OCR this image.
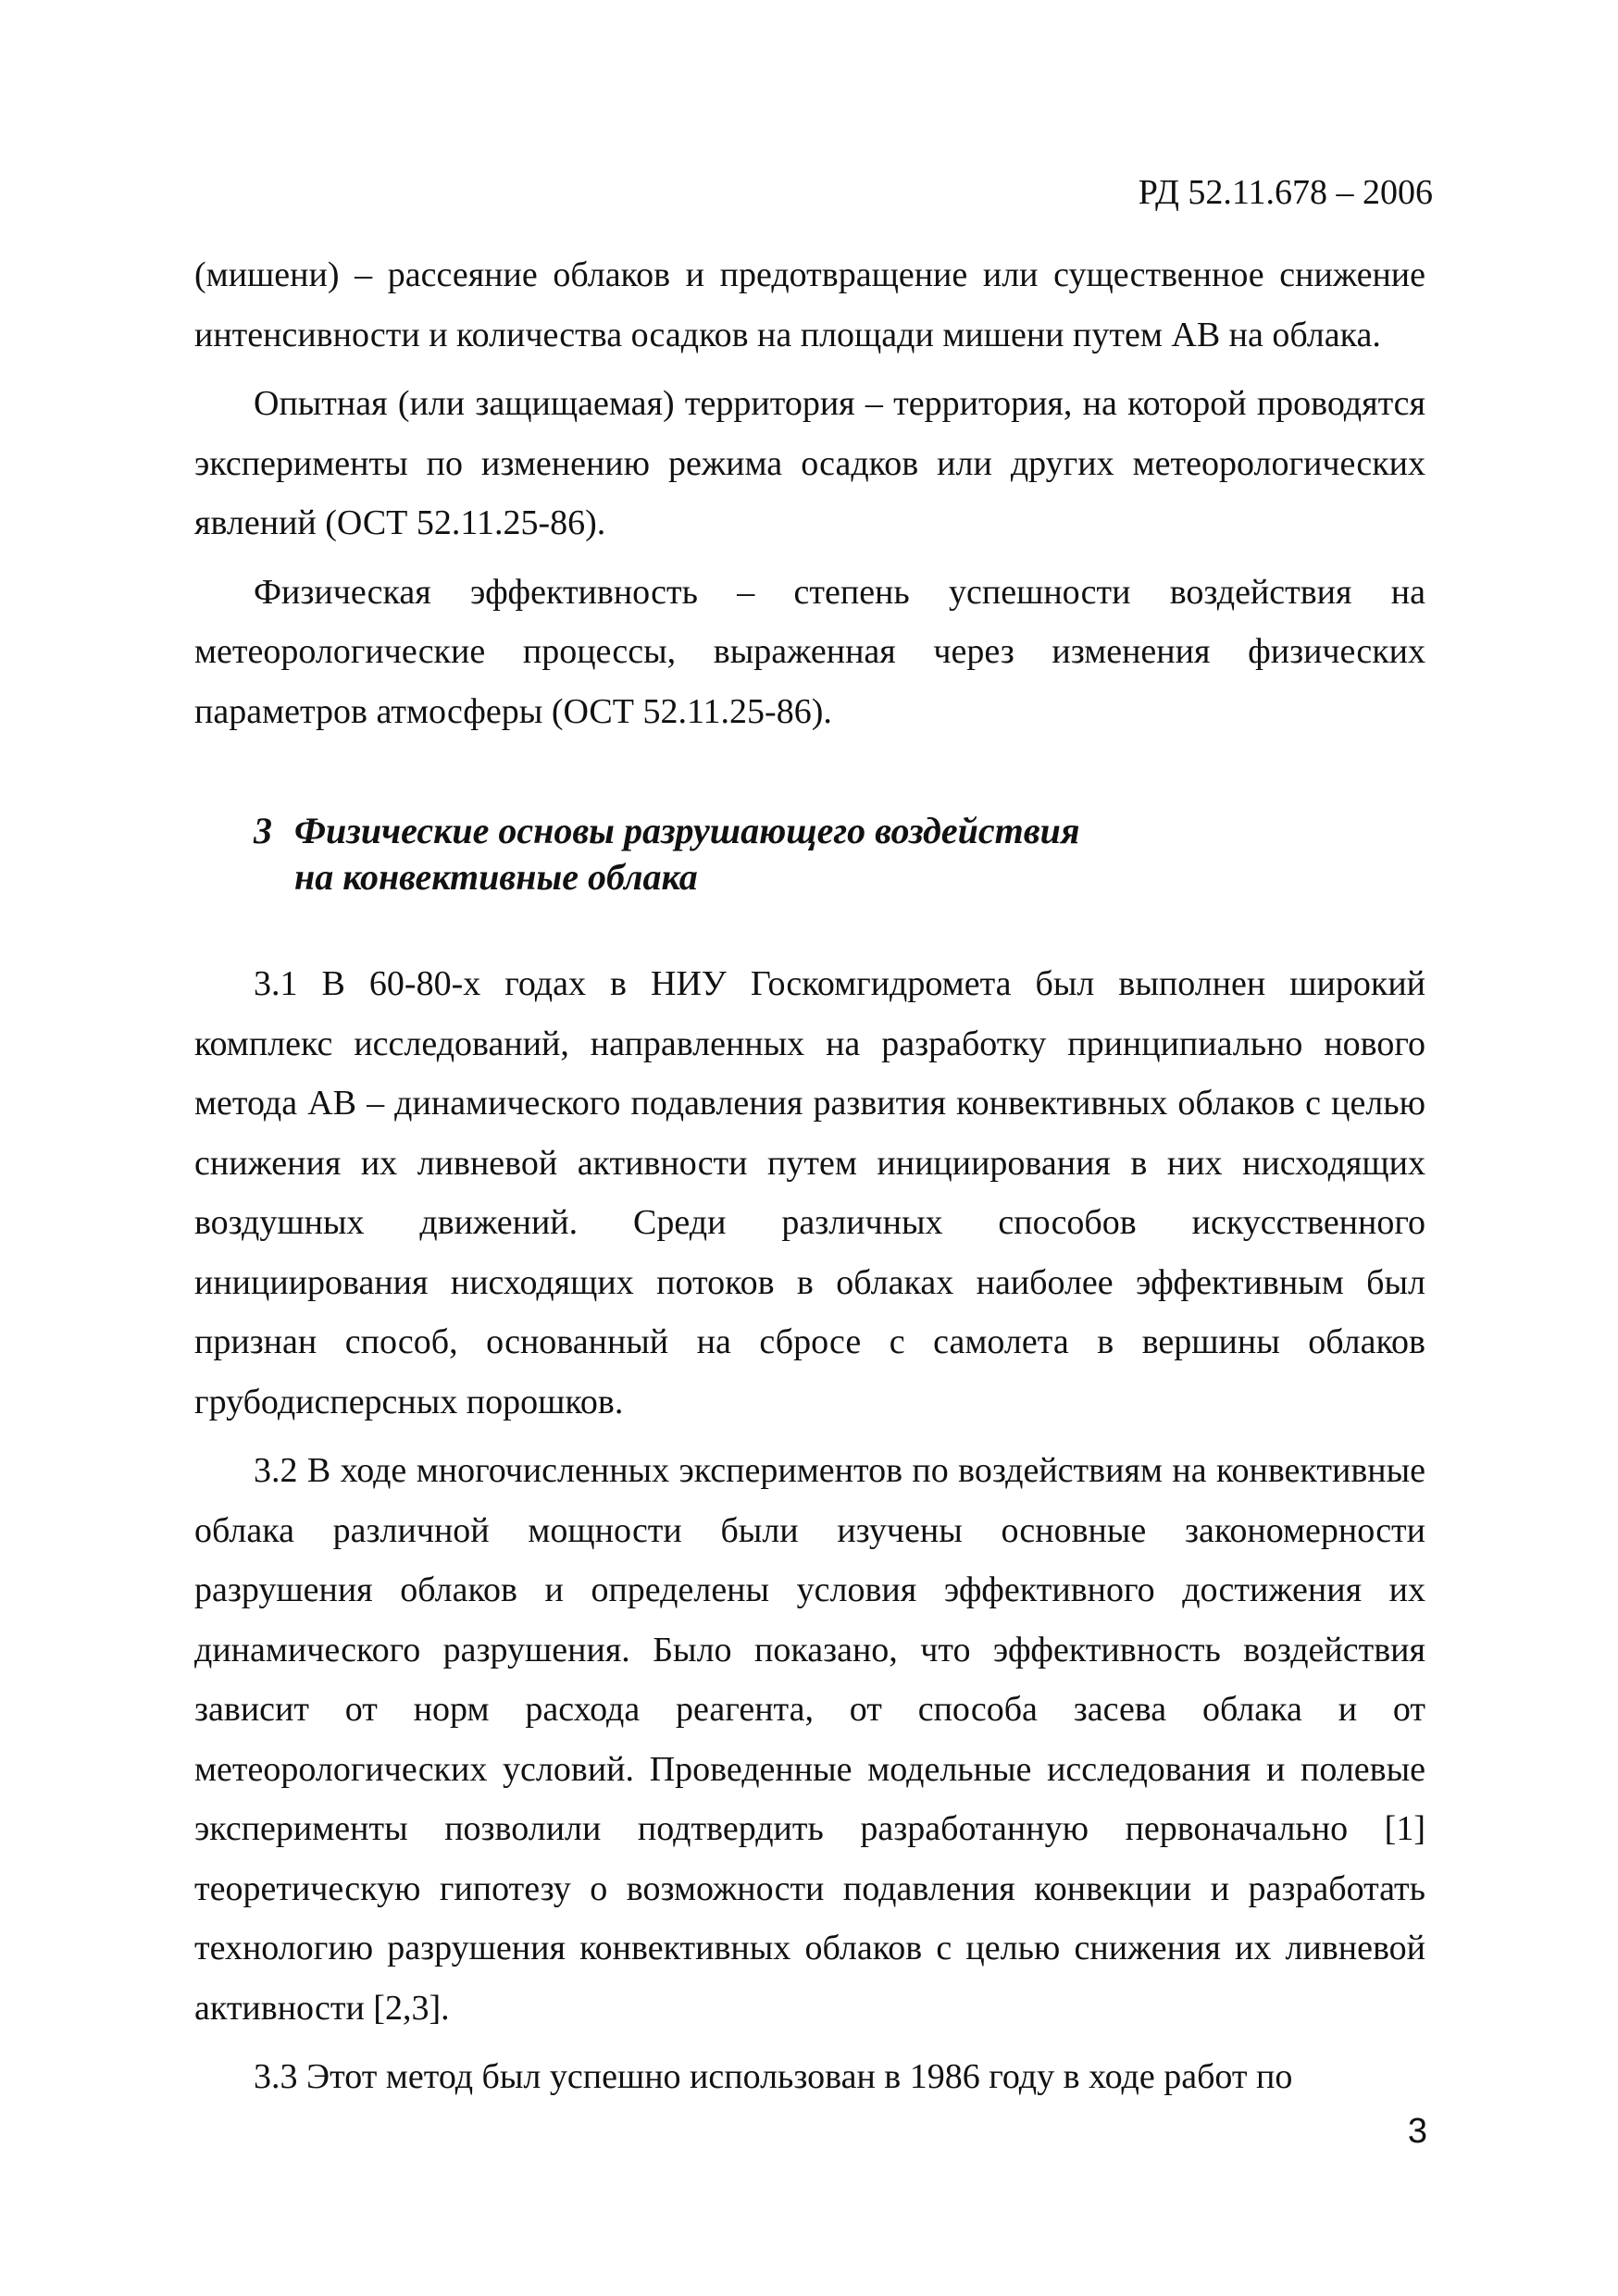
РД 52.11.678 – 2006

(мишени) – рассеяние облаков и предотвращение или существенное снижение интенсивности и количества осадков на площади мишени путем АВ на облака.

Опытная (или защищаемая) территория – территория, на которой проводятся эксперименты по изменению режима осадков или других метеорологических явлений (ОСТ 52.11.25-86).

Физическая эффективность – степень успешности воздействия на метеорологические процессы, выраженная через изменения физических параметров атмосферы (ОСТ 52.11.25-86).

3 Физические основы разрушающего воздействия
на конвективные облака

3.1 В 60-80-х годах в НИУ Госкомгидромета был выполнен широкий комплекс исследований, направленных на разработку принципиально нового метода АВ – динамического подавления развития конвективных облаков с целью снижения их ливневой активности путем инициирования в них нисходящих воздушных движений. Среди различных способов искусственного инициирования нисходящих потоков в облаках наиболее эффективным был признан способ, основанный на сбросе с самолета в вершины облаков грубодисперсных порошков.

3.2 В ходе многочисленных экспериментов по воздействиям на конвективные облака различной мощности были изучены основные закономерности разрушения облаков и определены условия эффективного достижения их динамического разрушения. Было показано, что эффективность воздействия зависит от норм расхода реагента, от способа засева облака и от метеорологических условий. Проведенные модельные исследования и полевые эксперименты позволили подтвердить разработанную первоначально [1] теоретическую гипотезу о возможности подавления конвекции и разработать технологию разрушения конвективных облаков с целью снижения их ливневой активности [2,3].

3.3 Этот метод был успешно использован в 1986 году в ходе работ по

3
